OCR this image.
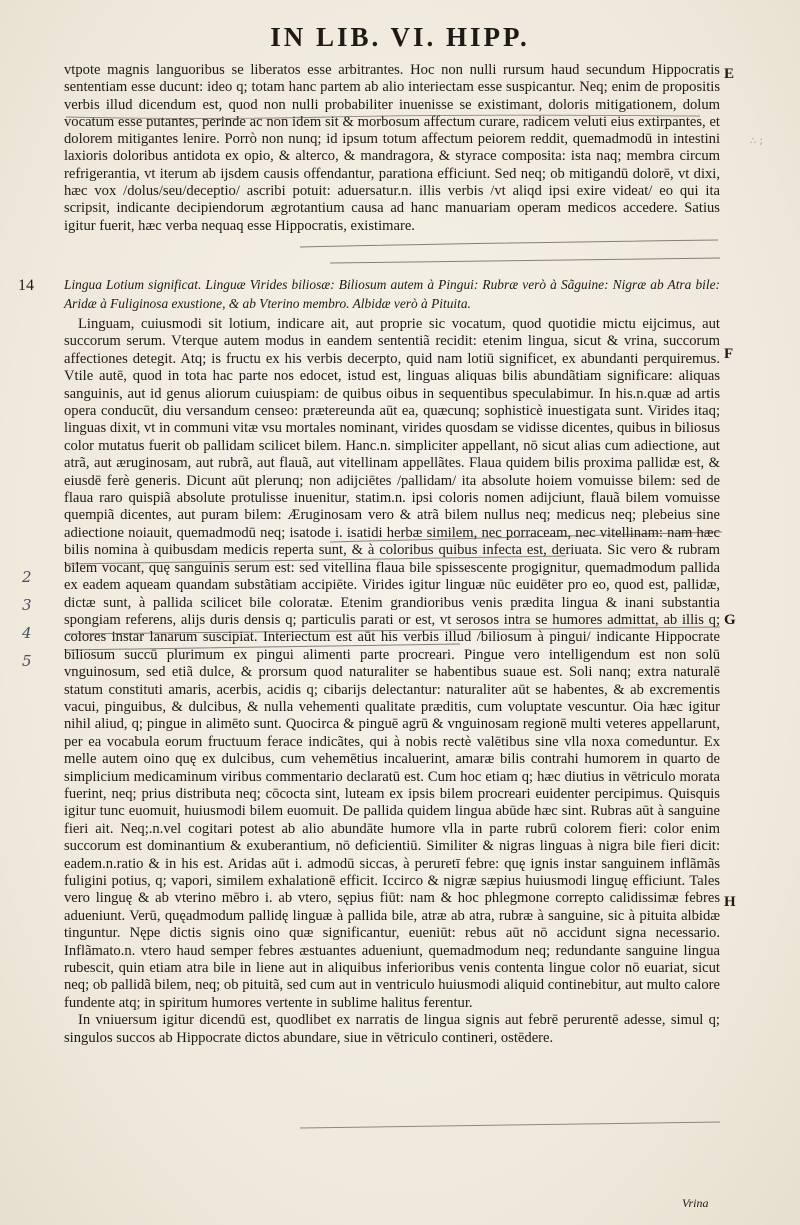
IN LIB. VI. HIPP.
∴ ;

vtpote magnis languoribus se liberatos esse arbitrantes. Hoc non nulli rursum haud secundum Hippocratis sententiam esse ducunt: ideo q; totam hanc partem ab alio interiectam esse suspicantur. Neq; enim de propositis verbis illud dicendum est, quod non nulli probabiliter inuenisse se existimant, doloris mitigationem, dolum vocatum esse putantes, perinde ac non idem sit & morbosum affectum curare, radicem veluti eius extirpantes, et dolorem mitigantes lenire. Porrò non nunq; id ipsum totum affectum peiorem reddit, quemadmodū in intestini laxioris doloribus antidota ex opio, & alterco, & mandragora, & styrace composita: ista naq; membra circum refrigerantia, vt iterum ab ijsdem causis offendantur, parationa efficiunt. Sed neq; ob mitigandū dolorē, vt dixi, hæc vox /dolus/seu/deceptio/ ascribi potuit: aduersatur.n. illis verbis /vt aliqd ipsi exire videat/ eo qui ita scripsit, indicante decipiendorum ægrotantium causa ad hanc manuariam operam medicos accedere. Satius igitur fuerit, hæc verba nequaq esse Hippocratis, existimare.

14 Lingua Lotium significat. Linguæ Virides biliosæ: Biliosum autem à Pingui: Rubræ verò à Sãguine: Nigræ ab Atra bile: Aridæ à Fuliginosa exustione, & ab Vterino membro. Albidæ verò à Pituita.

Linguam, cuiusmodi sit lotium, indicare ait, aut proprie sic vocatum, quod quotidie mictu eijcimus, aut succorum serum. Vterque autem modus in eandem sententiã recidit: etenim lingua, sicut & vrina, succorum affectiones detegit. Atq; is fructu ex his verbis decerpto, quid nam lotiū significet, ex abundanti perquiremus. Vtile autē, quod in tota hac parte nos edocet, istud est, linguas aliquas bilis abundãtiam significare: aliquas sanguinis, aut id genus aliorum cuiuspiam: de quibus oibus in sequentibus speculabimur. In his.n.quæ ad artis opera conducūt, diu versandum censeo: prætereunda aūt ea, quæcunq; sophisticè inuestigata sunt. Virides itaq; linguas dixit, vt in communi vitæ vsu mortales nominant, virides quosdam se vidisse dicentes, quibus in biliosus color mutatus fuerit ob pallidam scilicet bilem. Hanc.n. simpliciter appellant, nō sicut alias cum adiectione, aut atrã, aut æruginosam, aut rubrã, aut flauã, aut vitellinam appellãtes. Flaua quidem bilis proxima pallidæ est, & eiusdē ferè generis. Dicunt aūt plerunq; non adijciētes /pallidam/ ita absolute hoiem vomuisse bilem: sed de flaua raro quispiã absolute protulisse inuenitur, statim.n. ipsi coloris nomen adijciunt, flauã bilem vomuisse quempiã dicentes, aut puram bilem: Æruginosam vero & atrã bilem nullus neq; medicus neq; plebeius sine adiectione noiauit, quemadmodū neq; isatode i. isatidi herbæ similem, nec porraceam, nec vitellinam: nam hæc bilis nomina à quibusdam medicis reperta sunt, & à coloribus quibus infecta est, deriuata. Sic vero & rubram bilem vocant, quę sanguinis serum est: sed vitellina flaua bile spissescente progignitur, quemadmodum pallida ex eadem aqueam quandam substãtiam accipiēte. Virides igitur linguæ nūc euidēter pro eo, quod est, pallidæ, dictæ sunt, à pallida scilicet bile coloratæ. Etenim grandioribus venis prædita lingua & inani substantia spongiam referens, alijs duris densis q; particulis parati or est, vt serosos intra se humores admittat, ab illis q; colores instar lanarum suscipiat. Interiectum est aūt his verbis illud /biliosum à pingui/ indicante Hippocrate biliosum succū plurimum ex pingui alimenti parte procreari. Pingue vero intelligendum est non solū vnguinosum, sed etiã dulce, & prorsum quod naturaliter se habentibus suaue est. Soli nanq; extra naturalē statum constituti amaris, acerbis, acidis q; cibarijs delectantur: naturaliter aūt se habentes, & ab excrementis vacui, pinguibus, & dulcibus, & nulla vehementi qualitate præditis, cum voluptate vescuntur. Oia hæc igitur nihil aliud, q; pingue in alimēto sunt. Quocirca & pinguē agrū & vnguinosam regionē multi veteres appellarunt, per ea vocabula eorum fructuum ferace indicãtes, qui à nobis rectè valētibus sine vlla noxa comeduntur. Ex melle autem oino quę ex dulcibus, cum vehemētius incaluerint, amaræ bilis contrahi humorem in quarto de simplicium medicaminum viribus commentario declaratū est. Cum hoc etiam q; hæc diutius in vētriculo morata fuerint, neq; prius distributa neq; cōcocta sint, luteam ex ipsis bilem procreari euidenter percipimus. Quisquis igitur tunc euomuit, huiusmodi bilem euomuit. De pallida quidem lingua abūde hæc sint. Rubras aūt à sanguine fieri ait. Neq;.n.vel cogitari potest ab alio abundāte humore vlla in parte rubrū colorem fieri: color enim succorum est dominantium & exuberantium, nō deficientiū. Similiter & nigras linguas à nigra bile fieri dicit: eadem.n.ratio & in his est. Aridas aūt i. admodū siccas, à peruretī febre: quę ignis instar sanguinem inflãmãs fuligini potius, q; vapori, similem exhalationē efficit. Iccirco & nigræ sæpius huiusmodi linguę efficiunt. Tales vero linguę & ab vterino mēbro i. ab vtero, sępius fiūt: nam & hoc phlegmone correpto calidissimæ febres adueniunt. Verū, quęadmodum pallidę linguæ à pallida bile, atræ ab atra, rubræ à sanguine, sic à pituita albidæ tinguntur. Nępe dictis signis oino quæ significantur, eueniūt: rebus aūt nō accidunt signa necessario. Inflãmato.n. vtero haud semper febres æstuantes adueniunt, quemadmodum neq; redundante sanguine lingua rubescit, quin etiam atra bile in liene aut in aliquibus inferioribus venis contenta lingue color nō euariat, sicut neq; ob pallidã bilem, neq; ob pituitã, sed cum aut in ventriculo huiusmodi aliquid continebitur, aut multo calore fundente atq; in spiritum humores vertente in sublime halitus ferentur.

In vniuersum igitur dicendū est, quodlibet ex narratis de lingua signis aut febrē perurentē adesse, simul q; singulos succos ab Hippocrate dictos abundare, siue in vētriculo contineri, ostēdere.

E
F
G
H
2
3
4
5
Vrina
